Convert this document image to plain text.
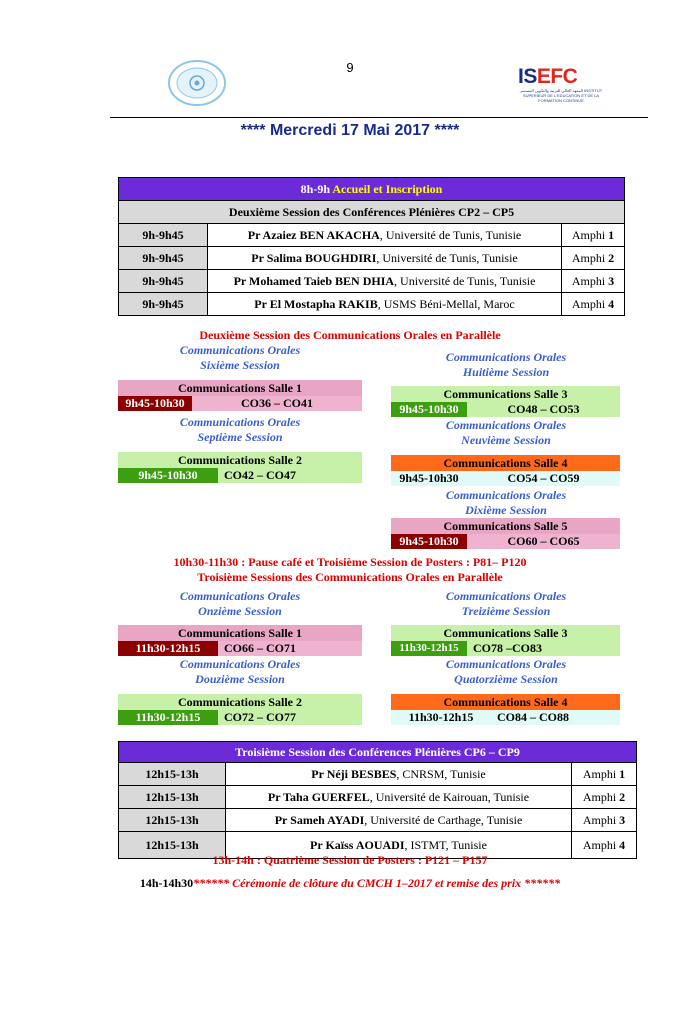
9	ISEFC
المعهد العالي للتربية والتكوين المستمر INSTITUT SUPERIEUR DE L'EDUCATION ET DE LA FORMATION CONTINUE
**** Mercredi 17 Mai 2017 ****
8h-9h Accueil et Inscription		
Deuxième Session des Conférences Plénières CP2 – CP5		
9h-9h45	Pr Azaiez BEN AKACHA, Université de Tunis, Tunisie	Amphi 1
9h-9h45	Pr Salima BOUGHDIRI, Université de Tunis, Tunisie	Amphi 2
9h-9h45	Pr Mohamed Taieb BEN DHIA, Université de Tunis, Tunisie	Amphi 3
9h-9h45	Pr El Mostapha RAKIB, USMS Béni-Mellal, Maroc	Amphi 4
Deuxième Session des Communications Orales en Parallèle
Communications Orales
Sixième Session
Communications Orales
Huitième Session
Communications Salle 1
9h45-10h30	CO36 – CO41
Communications Orales
Septième Session
Communications Salle 2
9h45-10h30	CO42 – CO47
Communications Salle 3
9h45-10h30	CO48 – CO53
Communications Orales
Neuvième Session
Communications Salle 4
9h45-10h30	CO54 – CO59
Communications Orales
Dixième Session
Communications Salle 5
9h45-10h30	CO60 – CO65
10h30-11h30 : Pause café et Troisième Session de Posters : P81– P120
Troisième Sessions des Communications Orales en Parallèle
Communications Orales
Onzième Session
Communications Orales
Treizième Session
Communications Salle 1
11h30-12h15	CO66 – CO71
Communications Orales
Douzième Session
Communications Salle 2
11h30-12h15	CO72 – CO77
Communications Salle 3
11h30-12h15	CO78 –CO83
Communications Orales
Quatorzième Session
Communications Salle 4
11h30-12h15	CO84 – CO88
Troisième Session des Conférences Plénières CP6 – CP9		
12h15-13h	Pr Néji BESBES, CNRSM, Tunisie	Amphi 1
12h15-13h	Pr Taha GUERFEL, Université de Kairouan, Tunisie	Amphi 2
12h15-13h	Pr Sameh AYADI, Université de Carthage, Tunisie	Amphi 3
12h15-13h	Pr Kaïss AOUADI, ISTMT, Tunisie	Amphi 4
13h-14h : Quatrième Session de Posters : P121 – P157
14h-14h30****** Cérémonie de clôture du CMCH 1–2017 et remise des prix ******
